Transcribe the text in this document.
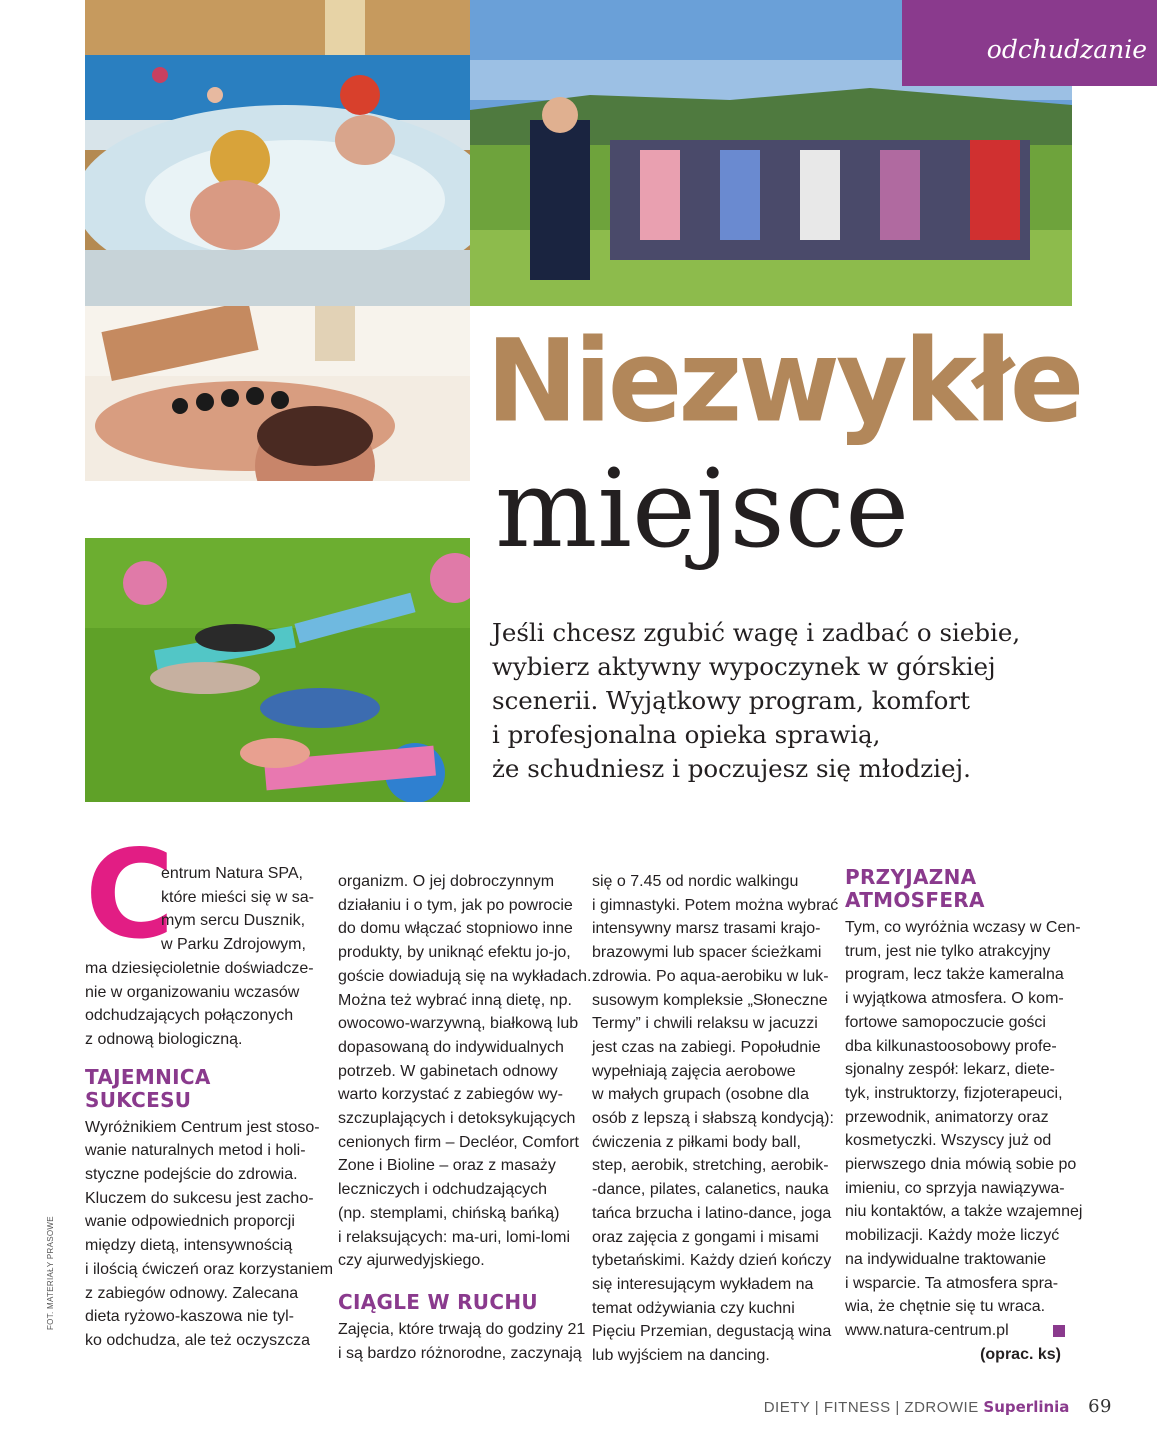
odchudzanie
Niezwykłe
miejsce
Jeśli chcesz zgubić wagę i zadbać o siebie,
wybierz aktywny wypoczynek w górskiej
scenerii. Wyjątkowy program, komfort
i profesjonalna opieka sprawią,
że schudniesz i poczujesz się młodziej.
C

entrum Natura SPA,

które mieści się w sa-

mym sercu Dusznik,

w Parku Zdrojowym,

ma dziesięcioletnie doświadcze-

nie w organizowaniu wczasów

odchudzających połączonych

z odnową biologiczną.

TAJEMNICA
SUKCESU

Wyróżnikiem Centrum jest stoso-

wanie naturalnych metod i holi-

styczne podejście do zdrowia.

Kluczem do sukcesu jest zacho-

wanie odpowiednich proporcji

między dietą, intensywnością

i ilością ćwiczeń oraz korzystaniem

z zabiegów odnowy. Zalecana

dieta ryżowo-kaszowa nie tyl-

ko odchudza, ale też oczyszcza

organizm. O jej dobroczynnym

działaniu i o tym, jak po powrocie

do domu włączać stopniowo inne

produkty, by uniknąć efektu jo-jo,

goście dowiadują się na wykładach.

Można też wybrać inną dietę, np.

owocowo-warzywną, białkową lub

dopasowaną do indywidualnych

potrzeb. W gabinetach odnowy

warto korzystać z zabiegów wy-

szczuplających i detoksykujących

cenionych firm – Decléor, Comfort

Zone i Bioline – oraz z masaży

leczniczych i odchudzających

(np. stemplami, chińską bańką)

i relaksujących: ma-uri, lomi-lomi

czy ajurwedyjskiego.

CIĄGLE W RUCHU

Zajęcia, które trwają do godziny 21

i są bardzo różnorodne, zaczynają

się o 7.45 od nordic walkingu

i gimnastyki. Potem można wybrać

intensywny marsz trasami krajo-

brazowymi lub spacer ścieżkami

zdrowia. Po aqua-aerobiku w luk-

susowym kompleksie „Słoneczne

Termy” i chwili relaksu w jacuzzi

jest czas na zabiegi. Popołudnie

wypełniają zajęcia aerobowe

w małych grupach (osobne dla

osób z lepszą i słabszą kondycją):

ćwiczenia z piłkami body ball,

step, aerobik, stretching, aerobik-

-dance, pilates, calanetics, nauka

tańca brzucha i latino-dance, joga

oraz zajęcia z gongami i misami

tybetańskimi. Każdy dzień kończy

się interesującym wykładem na

temat odżywiania czy kuchni

Pięciu Przemian, degustacją wina

lub wyjściem na dancing.

PRZYJAZNA
ATMOSFERA

Tym, co wyróżnia wczasy w Cen-

trum, jest nie tylko atrakcyjny

program, lecz także kameralna

i wyjątkowa atmosfera. O kom-

fortowe samopoczucie gości

dba kilkunastoosobowy profe-

sjonalny zespół: lekarz, diete-

tyk, instruktorzy, fizjoterapeuci,

przewodnik, animatorzy oraz

kosmetyczki. Wszyscy już od

pierwszego dnia mówią sobie po

imieniu, co sprzyja nawiązywa-

niu kontaktów, a także wzajemnej

mobilizacji. Każdy może liczyć

na indywidualne traktowanie

i wsparcie. Ta atmosfera spra-

wia, że chętnie się tu wraca.

www.natura-centrum.pl

(oprac. ks)

FOT. MATERIAŁY PRASOWE
DIETY | FITNESS | ZDROWIE Superlinia 69
